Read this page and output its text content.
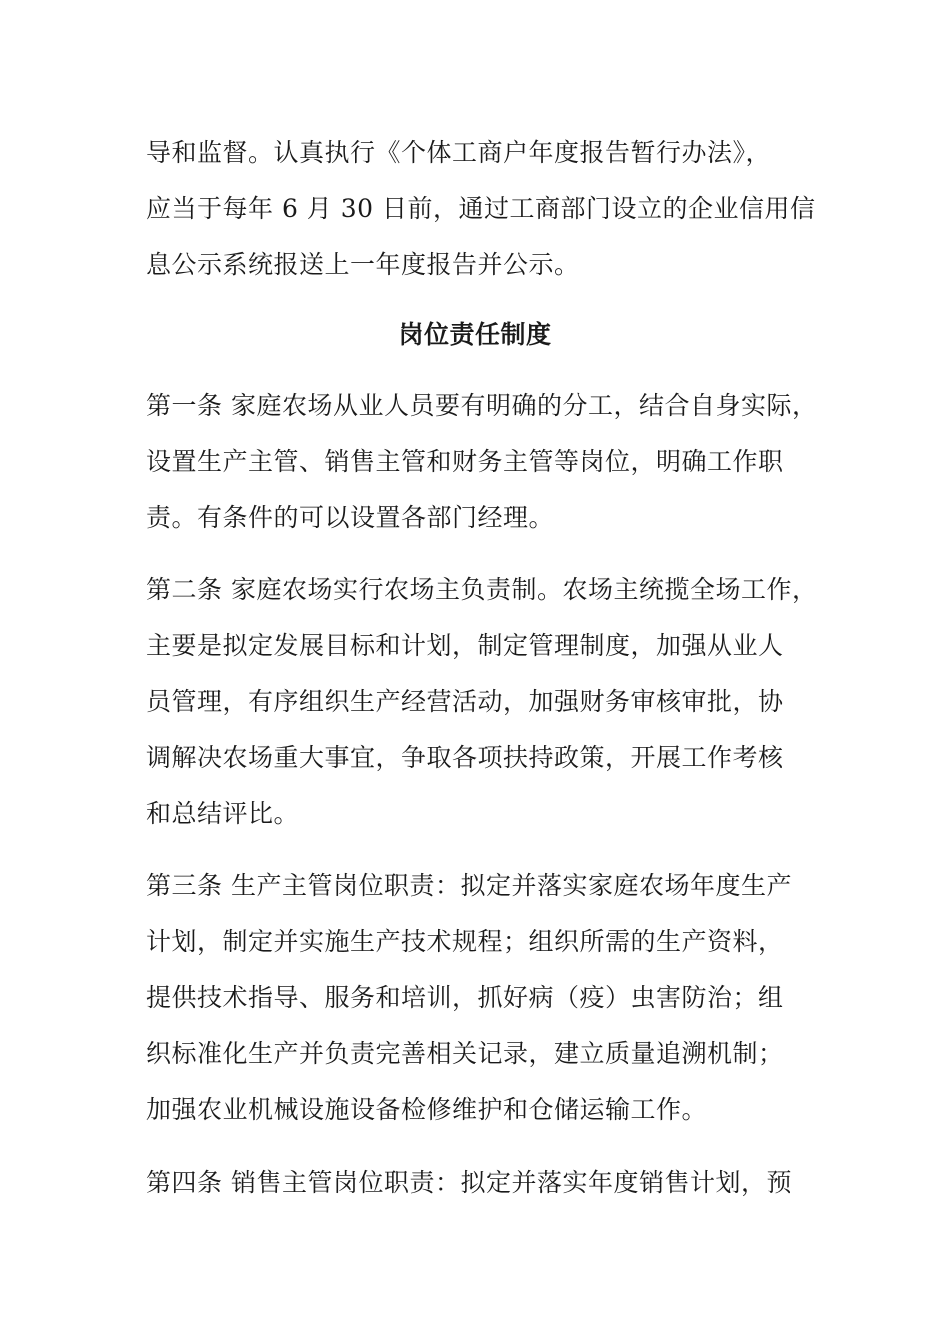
导和监督。认真执行《个体工商户年度报告暂行办法》，

应当于每年 6 月 30 日前，通过工商部门设立的企业信用信

息公示系统报送上一年度报告并公示。

岗位责任制度

第一条 家庭农场从业人员要有明确的分工，结合自身实际，

设置生产主管、销售主管和财务主管等岗位，明确工作职

责。有条件的可以设置各部门经理。

第二条 家庭农场实行农场主负责制。农场主统揽全场工作，

主要是拟定发展目标和计划，制定管理制度，加强从业人

员管理，有序组织生产经营活动，加强财务审核审批，协

调解决农场重大事宜，争取各项扶持政策，开展工作考核

和总结评比。

第三条 生产主管岗位职责：拟定并落实家庭农场年度生产

计划，制定并实施生产技术规程；组织所需的生产资料，

提供技术指导、服务和培训，抓好病（疫）虫害防治；组

织标准化生产并负责完善相关记录，建立质量追溯机制；

加强农业机械设施设备检修维护和仓储运输工作。

第四条 销售主管岗位职责：拟定并落实年度销售计划，预
